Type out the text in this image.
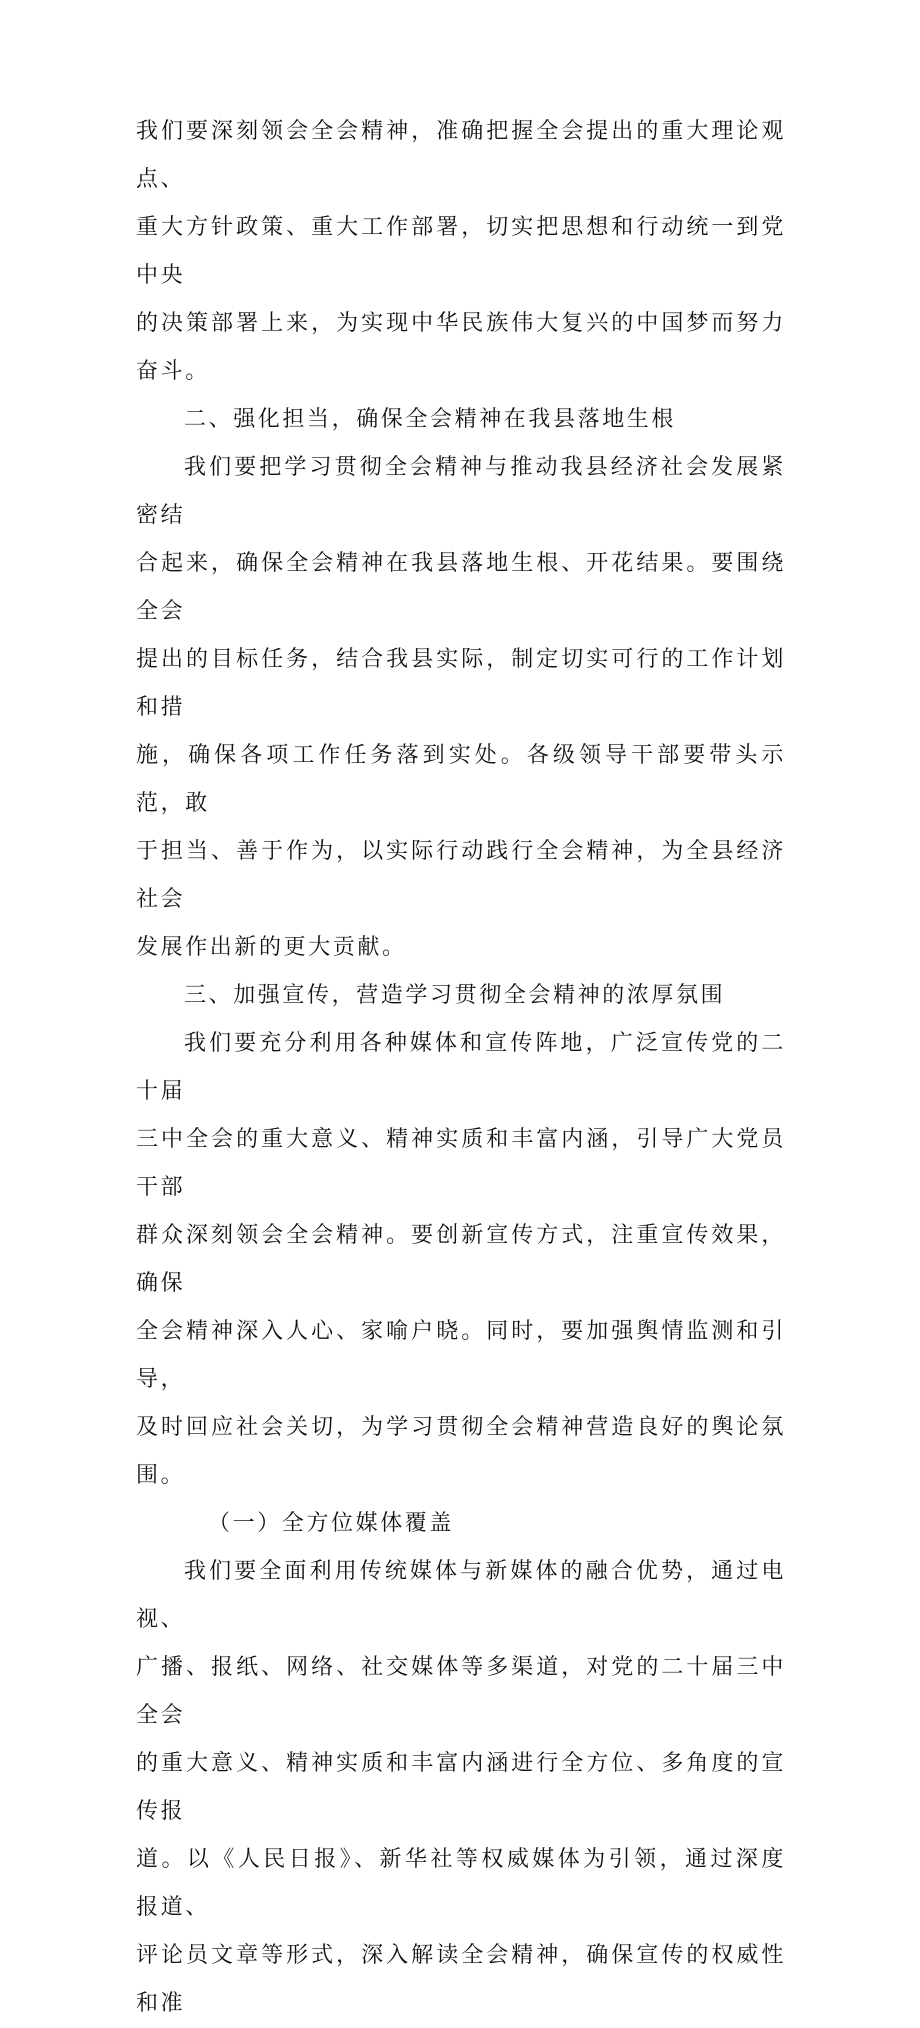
我们要深刻领会全会精神，准确把握全会提出的重大理论观点、
重大方针政策、重大工作部署，切实把思想和行动统一到党中央
的决策部署上来，为实现中华民族伟大复兴的中国梦而努力奋斗。

二、强化担当，确保全会精神在我县落地生根

我们要把学习贯彻全会精神与推动我县经济社会发展紧密结
合起来，确保全会精神在我县落地生根、开花结果。要围绕全会
提出的目标任务，结合我县实际，制定切实可行的工作计划和措
施，确保各项工作任务落到实处。各级领导干部要带头示范，敢
于担当、善于作为，以实际行动践行全会精神，为全县经济社会
发展作出新的更大贡献。

三、加强宣传，营造学习贯彻全会精神的浓厚氛围

我们要充分利用各种媒体和宣传阵地，广泛宣传党的二十届
三中全会的重大意义、精神实质和丰富内涵，引导广大党员干部
群众深刻领会全会精神。要创新宣传方式，注重宣传效果，确保
全会精神深入人心、家喻户晓。同时，要加强舆情监测和引导，
及时回应社会关切，为学习贯彻全会精神营造良好的舆论氛围。

（一）全方位媒体覆盖

我们要全面利用传统媒体与新媒体的融合优势，通过电视、
广播、报纸、网络、社交媒体等多渠道，对党的二十届三中全会
的重大意义、精神实质和丰富内涵进行全方位、多角度的宣传报
道。以《人民日报》、新华社等权威媒体为引领，通过深度报道、
评论员文章等形式，深入解读全会精神，确保宣传的权威性和准
